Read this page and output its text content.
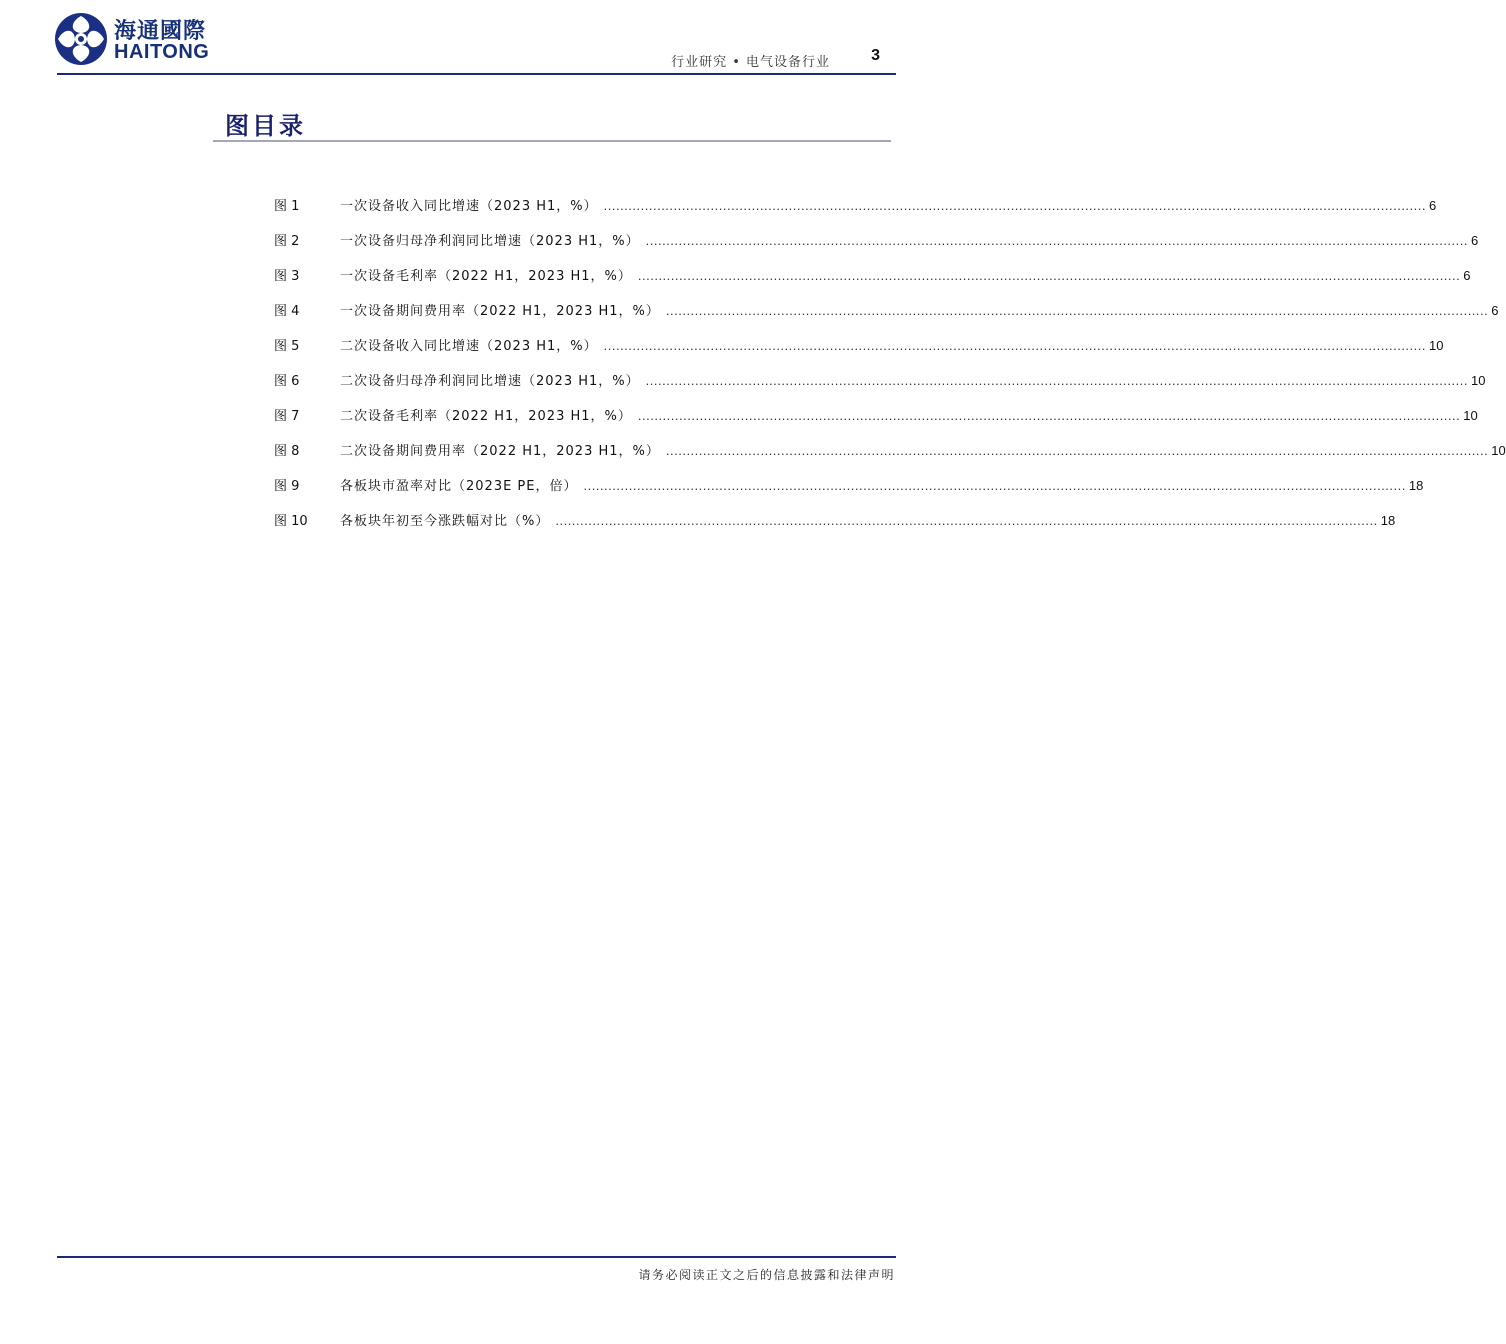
海通國際
HAITONG	行业研究 • 电气设备行业	3
图目录
图 1	一次设备收入同比增速（2023 H1，%） ........................................................................................................................................................................................................ 6
图 2	一次设备归母净利润同比增速（2023 H1，%） ........................................................................................................................................................................................................ 6
图 3	一次设备毛利率（2022 H1，2023 H1，%） ........................................................................................................................................................................................................ 6
图 4	一次设备期间费用率（2022 H1，2023 H1，%） ........................................................................................................................................................................................................ 6
图 5	二次设备收入同比增速（2023 H1，%） ........................................................................................................................................................................................................ 10
图 6	二次设备归母净利润同比增速（2023 H1，%） ........................................................................................................................................................................................................ 10
图 7	二次设备毛利率（2022 H1，2023 H1，%） ........................................................................................................................................................................................................ 10
图 8	二次设备期间费用率（2022 H1，2023 H1，%） ........................................................................................................................................................................................................ 10
图 9	各板块市盈率对比（2023E PE，倍） ........................................................................................................................................................................................................ 18
图 10	各板块年初至今涨跌幅对比（%） ........................................................................................................................................................................................................ 18
请务必阅读正文之后的信息披露和法律声明
